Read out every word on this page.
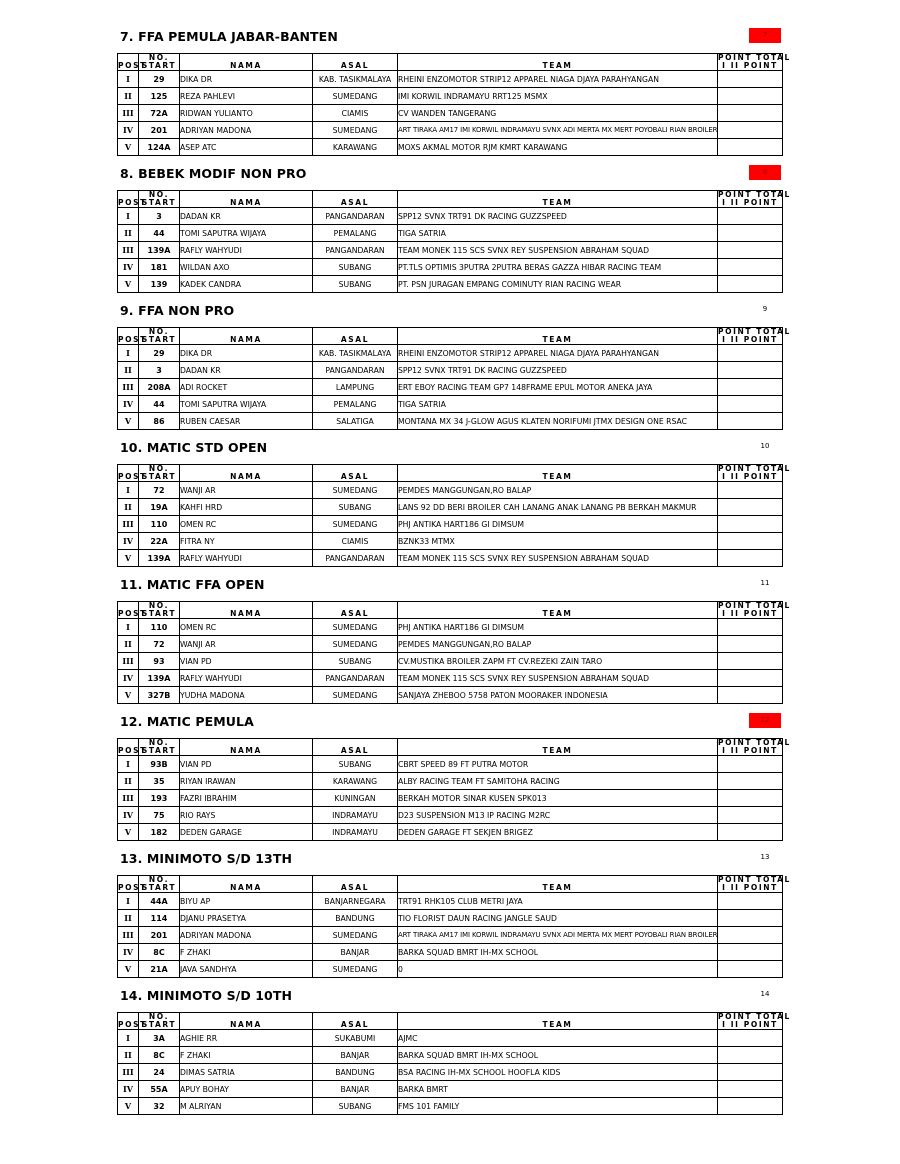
7. FFA PEMULA JABAR-BANTEN	7
POST	NO.
START	NAMA	ASAL	TEAM	POINT TOTAL
I II POINT
I	29	DIKA DR	KAB. TASIKMALAYA	RHEINI ENZOMOTOR STRIP12 APPAREL NIAGA DJAYA PARAHYANGAN	
II	125	REZA PAHLEVI	SUMEDANG	IMI KORWIL INDRAMAYU RRT125 MSMX	
III	72A	RIDWAN YULIANTO	CIAMIS	CV WANDEN TANGERANG	
IV	201	ADRIYAN MADONA	SUMEDANG	ART TIRAKA AM17 IMI KORWIL INDRAMAYU SVNX ADI MERTA MX MERT POYOBALI RIAN BROILER	
V	124A	ASEP ATC	KARAWANG	MOXS AKMAL MOTOR RJM KMRT KARAWANG	
8. BEBEK MODIF NON PRO	8
POST	NO.
START	NAMA	ASAL	TEAM	POINT TOTAL
I II POINT
I	3	DADAN KR	PANGANDARAN	SPP12 SVNX TRT91 DK RACING GUZZSPEED	
II	44	TOMI SAPUTRA WIJAYA	PEMALANG	TIGA SATRIA	
III	139A	RAFLY WAHYUDI	PANGANDARAN	TEAM MONEK 115 SCS SVNX REY SUSPENSION ABRAHAM SQUAD	
IV	181	WILDAN AXO	SUBANG	PT.TLS OPTIMIS 3PUTRA 2PUTRA BERAS GAZZA HIBAR RACING TEAM	
V	139	KADEK CANDRA	SUBANG	PT. PSN JURAGAN EMPANG COMINUTY RIAN RACING WEAR	
9. FFA NON PRO	9
POST	NO.
START	NAMA	ASAL	TEAM	POINT TOTAL
I II POINT
I	29	DIKA DR	KAB. TASIKMALAYA	RHEINI ENZOMOTOR STRIP12 APPAREL NIAGA DJAYA PARAHYANGAN	
II	3	DADAN KR	PANGANDARAN	SPP12 SVNX TRT91 DK RACING GUZZSPEED	
III	208A	ADI ROCKET	LAMPUNG	ERT EBOY RACING TEAM GP7 148FRAME EPUL MOTOR ANEKA JAYA	
IV	44	TOMI SAPUTRA WIJAYA	PEMALANG	TIGA SATRIA	
V	86	RUBEN CAESAR	SALATIGA	MONTANA MX 34 J-GLOW AGUS KLATEN NORIFUMI JTMX DESIGN ONE RSAC	
10. MATIC STD OPEN	10
POST	NO.
START	NAMA	ASAL	TEAM	POINT TOTAL
I II POINT
I	72	WANJI AR	SUMEDANG	PEMDES MANGGUNGAN,RO BALAP	
II	19A	KAHFI HRD	SUBANG	LANS 92 DD BERI BROILER CAH LANANG ANAK LANANG PB BERKAH MAKMUR	
III	110	OMEN RC	SUMEDANG	PHJ ANTIKA HART186 GI DIMSUM	
IV	22A	FITRA NY	CIAMIS	BZNK33 MTMX	
V	139A	RAFLY WAHYUDI	PANGANDARAN	TEAM MONEK 115 SCS SVNX REY SUSPENSION ABRAHAM SQUAD	
11. MATIC FFA OPEN	11
POST	NO.
START	NAMA	ASAL	TEAM	POINT TOTAL
I II POINT
I	110	OMEN RC	SUMEDANG	PHJ ANTIKA HART186 GI DIMSUM	
II	72	WANJI AR	SUMEDANG	PEMDES MANGGUNGAN,RO BALAP	
III	93	VIAN PD	SUBANG	CV.MUSTIKA BROILER ZAPM FT CV.REZEKI ZAIN TARO	
IV	139A	RAFLY WAHYUDI	PANGANDARAN	TEAM MONEK 115 SCS SVNX REY SUSPENSION ABRAHAM SQUAD	
V	327B	YUDHA MADONA	SUMEDANG	SANJAYA ZHEBOO 5758 PATON MOORAKER INDONESIA	
12. MATIC PEMULA	12
POST	NO.
START	NAMA	ASAL	TEAM	POINT TOTAL
I II POINT
I	93B	VIAN PD	SUBANG	CBRT SPEED 89 FT PUTRA MOTOR	
II	35	RIYAN IRAWAN	KARAWANG	ALBY RACING TEAM FT SAMITOHA RACING	
III	193	FAZRI IBRAHIM	KUNINGAN	BERKAH MOTOR SINAR KUSEN SPK013	
IV	75	RIO RAYS	INDRAMAYU	D23 SUSPENSION M13 IP RACING M2RC	
V	182	DEDEN GARAGE	INDRAMAYU	DEDEN GARAGE FT SEKJEN BRIGEZ	
13. MINIMOTO S/D 13TH	13
POST	NO.
START	NAMA	ASAL	TEAM	POINT TOTAL
I II POINT
I	44A	BIYU AP	BANJARNEGARA	TRT91 RHK105 CLUB METRI JAYA	
II	114	DJANU PRASETYA	BANDUNG	TIO FLORIST DAUN RACING JANGLE SAUD	
III	201	ADRIYAN MADONA	SUMEDANG	ART TIRAKA AM17 IMI KORWIL INDRAMAYU SVNX ADI MERTA MX MERT POYOBALI RIAN BROILER	
IV	8C	F ZHAKI	BANJAR	BARKA SQUAD BMRT IH-MX SCHOOL	
V	21A	JAVA SANDHYA	SUMEDANG	0	
14. MINIMOTO S/D 10TH	14
POST	NO.
START	NAMA	ASAL	TEAM	POINT TOTAL
I II POINT
I	3A	AGHIE RR	SUKABUMI	AJMC	
II	8C	F ZHAKI	BANJAR	BARKA SQUAD BMRT IH-MX SCHOOL	
III	24	DIMAS SATRIA	BANDUNG	BSA RACING IH-MX SCHOOL HOOFLA KIDS	
IV	55A	APUY BOHAY	BANJAR	BARKA BMRT	
V	32	M ALRIYAN	SUBANG	FMS 101 FAMILY	
